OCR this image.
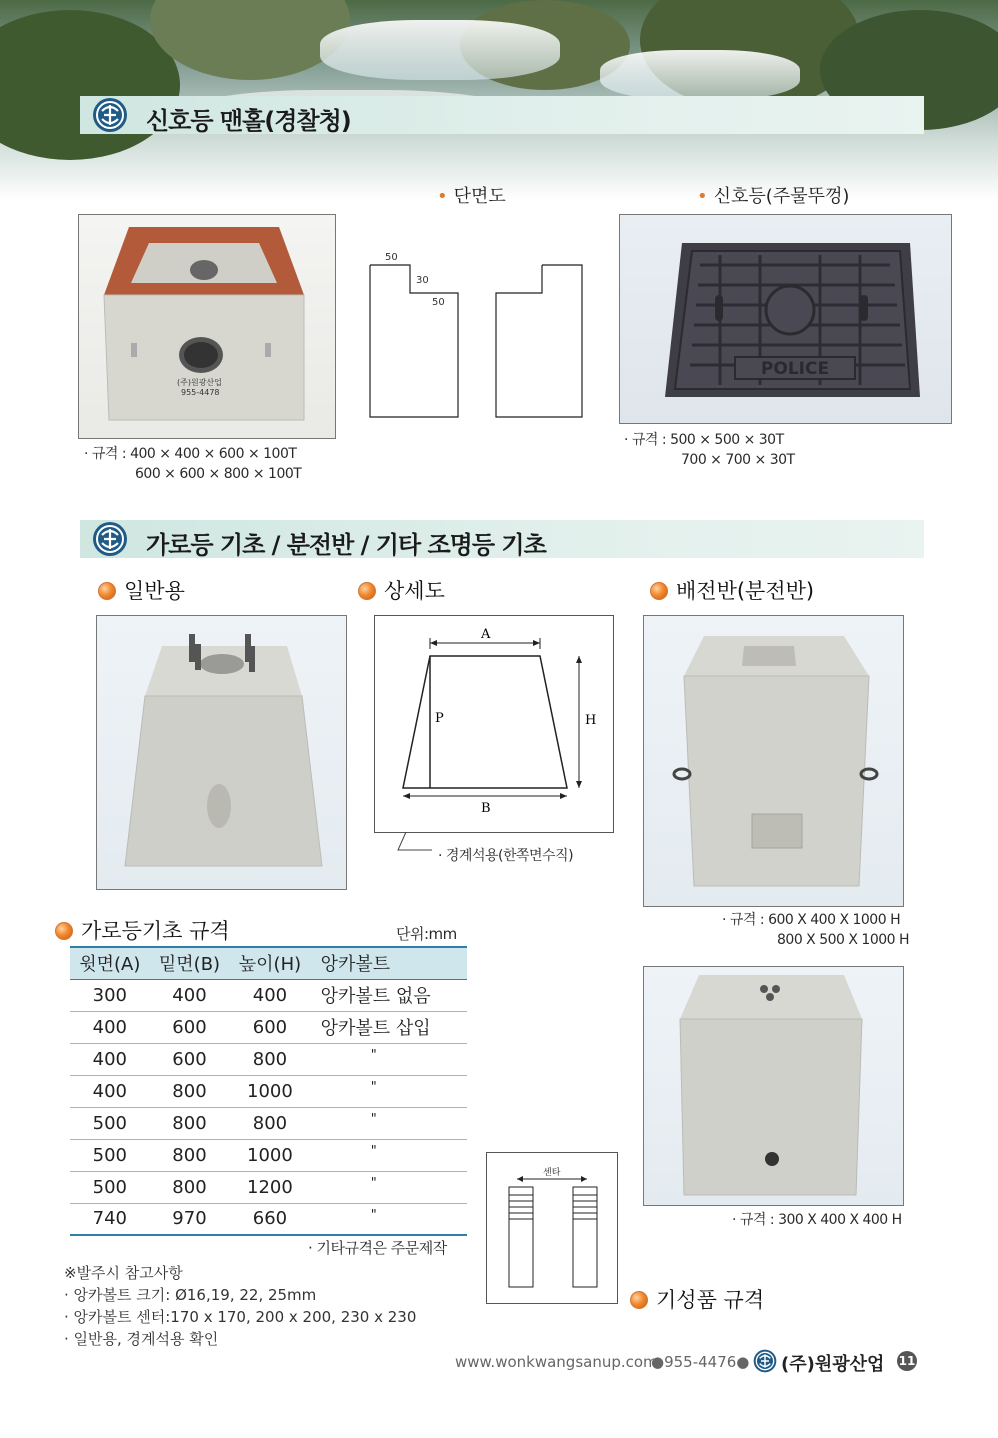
신호등 맨홀(경찰청)
• 단면도	• 신호등(주물뚜껑)
(주)원광산업
955-4478
· 규격 : 400 × 400 × 600 × 100T
600 × 600 × 800 × 100T
50
30
50
POLICE
· 규격 : 500 × 500 × 30T
700 × 700 × 30T
가로등 기초 / 분전반 / 기타 조명등 기초
일반용	상세도	배전반(분전반)
A
B
H
P
· 경계석용(한쪽면수직)
· 규격 : 600 X 400 X 1000 H
800 X 500 X 1000 H
가로등기초 규격	단위:mm
윗면(A)	밑면(B)	높이(H)	앙카볼트
300	400	400	앙카볼트 없음
400	600	600	앙카볼트 삽입
400	600	800	"
400	800	1000	"
500	800	800	"
500	800	1000	"
500	800	1200	"
740	970	660	"
· 기타규격은 주문제작
※발주시 참고사항
· 앙카볼트 크기: Ø16,19, 22, 25mm
· 앙카볼트 센터:170 x 170, 200 x 200, 230 x 230
· 일반용, 경계석용 확인
센타
· 규격 : 300 X 400 X 400 H
기성품 규격
www.wonkwangsanup.com
●955-4476● (주)원광산업 11
